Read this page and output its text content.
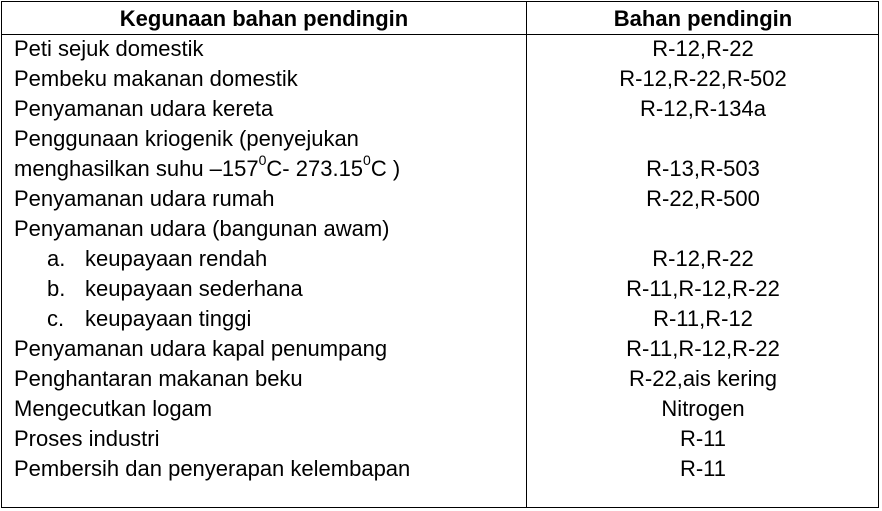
Kegunaan bahan pendingin	Bahan pendingin
Peti sejuk domestik	R-12,R-22
Pembeku makanan domestik	R-12,R-22,R-502
Penyamanan udara kereta	R-12,R-134a
Penggunaan kriogenik (penyejukan
menghasilkan suhu $-157^0C-$ 273.15$^0$C )	R-13,R-503
Penyamanan udara rumah	R-22,R-500
Penyamanan udara (bangunan awam)
a. keupayaan rendah	R-12,R-22
b. keupayaan sederhana	R-11,R-12,R-22
c. keupayaan tinggi	R-11,R-12
Penyamanan udara kapal penumpang	R-11,R-12,R-22
Penghantaran makanan beku	R-22,ais kering
Mengecutkan logam	Nitrogen
Proses industri	R-11
Pembersih dan penyerapan kelembapan	R-11
